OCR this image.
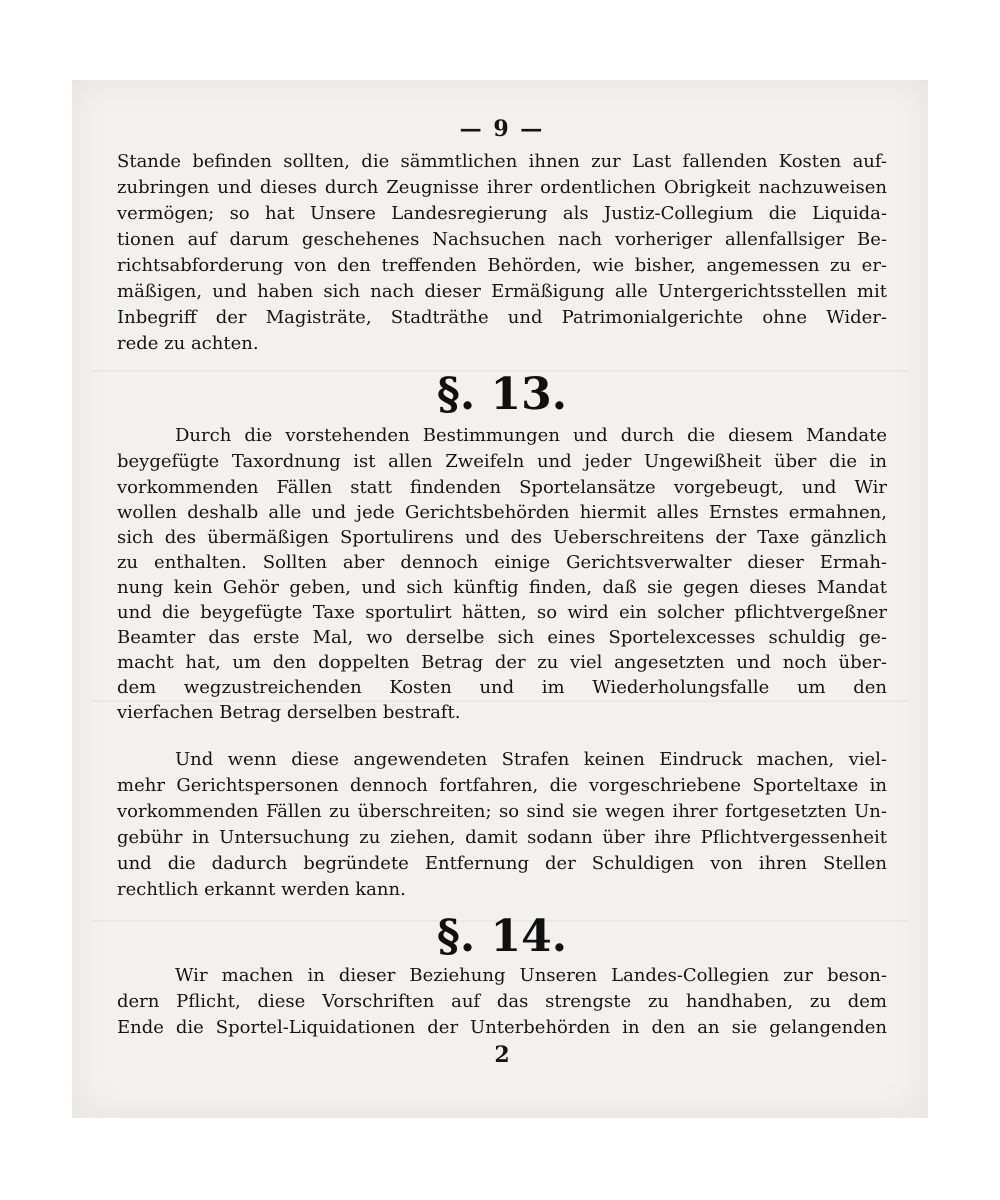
— 9 —
Stande befinden sollten, die sämmtlichen ihnen zur Last fallenden Kosten auf-
zubringen und dieses durch Zeugnisse ihrer ordentlichen Obrigkeit nachzuweisen
vermögen; so hat Unsere Landesregierung als Justiz-Collegium die Liquida-
tionen auf darum geschehenes Nachsuchen nach vorheriger allenfallsiger Be-
richtsabforderung von den treffenden Behörden, wie bisher, angemessen zu er-
mäßigen, und haben sich nach dieser Ermäßigung alle Untergerichtsstellen mit
Inbegriff der Magisträte, Stadträthe und Patrimonialgerichte ohne Wider-
rede zu achten.
§. 13.
Durch die vorstehenden Bestimmungen und durch die diesem Mandate
beygefügte Taxordnung ist allen Zweifeln und jeder Ungewißheit über die in
vorkommenden Fällen statt findenden Sportelansätze vorgebeugt, und Wir
wollen deshalb alle und jede Gerichtsbehörden hiermit alles Ernstes ermahnen,
sich des übermäßigen Sportulirens und des Ueberschreitens der Taxe gänzlich
zu enthalten. Sollten aber dennoch einige Gerichtsverwalter dieser Ermah-
nung kein Gehör geben, und sich künftig finden, daß sie gegen dieses Mandat
und die beygefügte Taxe sportulirt hätten, so wird ein solcher pflichtvergeßner
Beamter das erste Mal, wo derselbe sich eines Sportelexcesses schuldig ge-
macht hat, um den doppelten Betrag der zu viel angesetzten und noch über-
dem wegzustreichenden Kosten und im Wiederholungsfalle um den
vierfachen Betrag derselben bestraft.
Und wenn diese angewendeten Strafen keinen Eindruck machen, viel-
mehr Gerichtspersonen dennoch fortfahren, die vorgeschriebene Sporteltaxe in
vorkommenden Fällen zu überschreiten; so sind sie wegen ihrer fortgesetzten Un-
gebühr in Untersuchung zu ziehen, damit sodann über ihre Pflichtvergessenheit
und die dadurch begründete Entfernung der Schuldigen von ihren Stellen
rechtlich erkannt werden kann.
§. 14.
Wir machen in dieser Beziehung Unseren Landes-Collegien zur beson-
dern Pflicht, diese Vorschriften auf das strengste zu handhaben, zu dem
Ende die Sportel-Liquidationen der Unterbehörden in den an sie gelangenden
2
